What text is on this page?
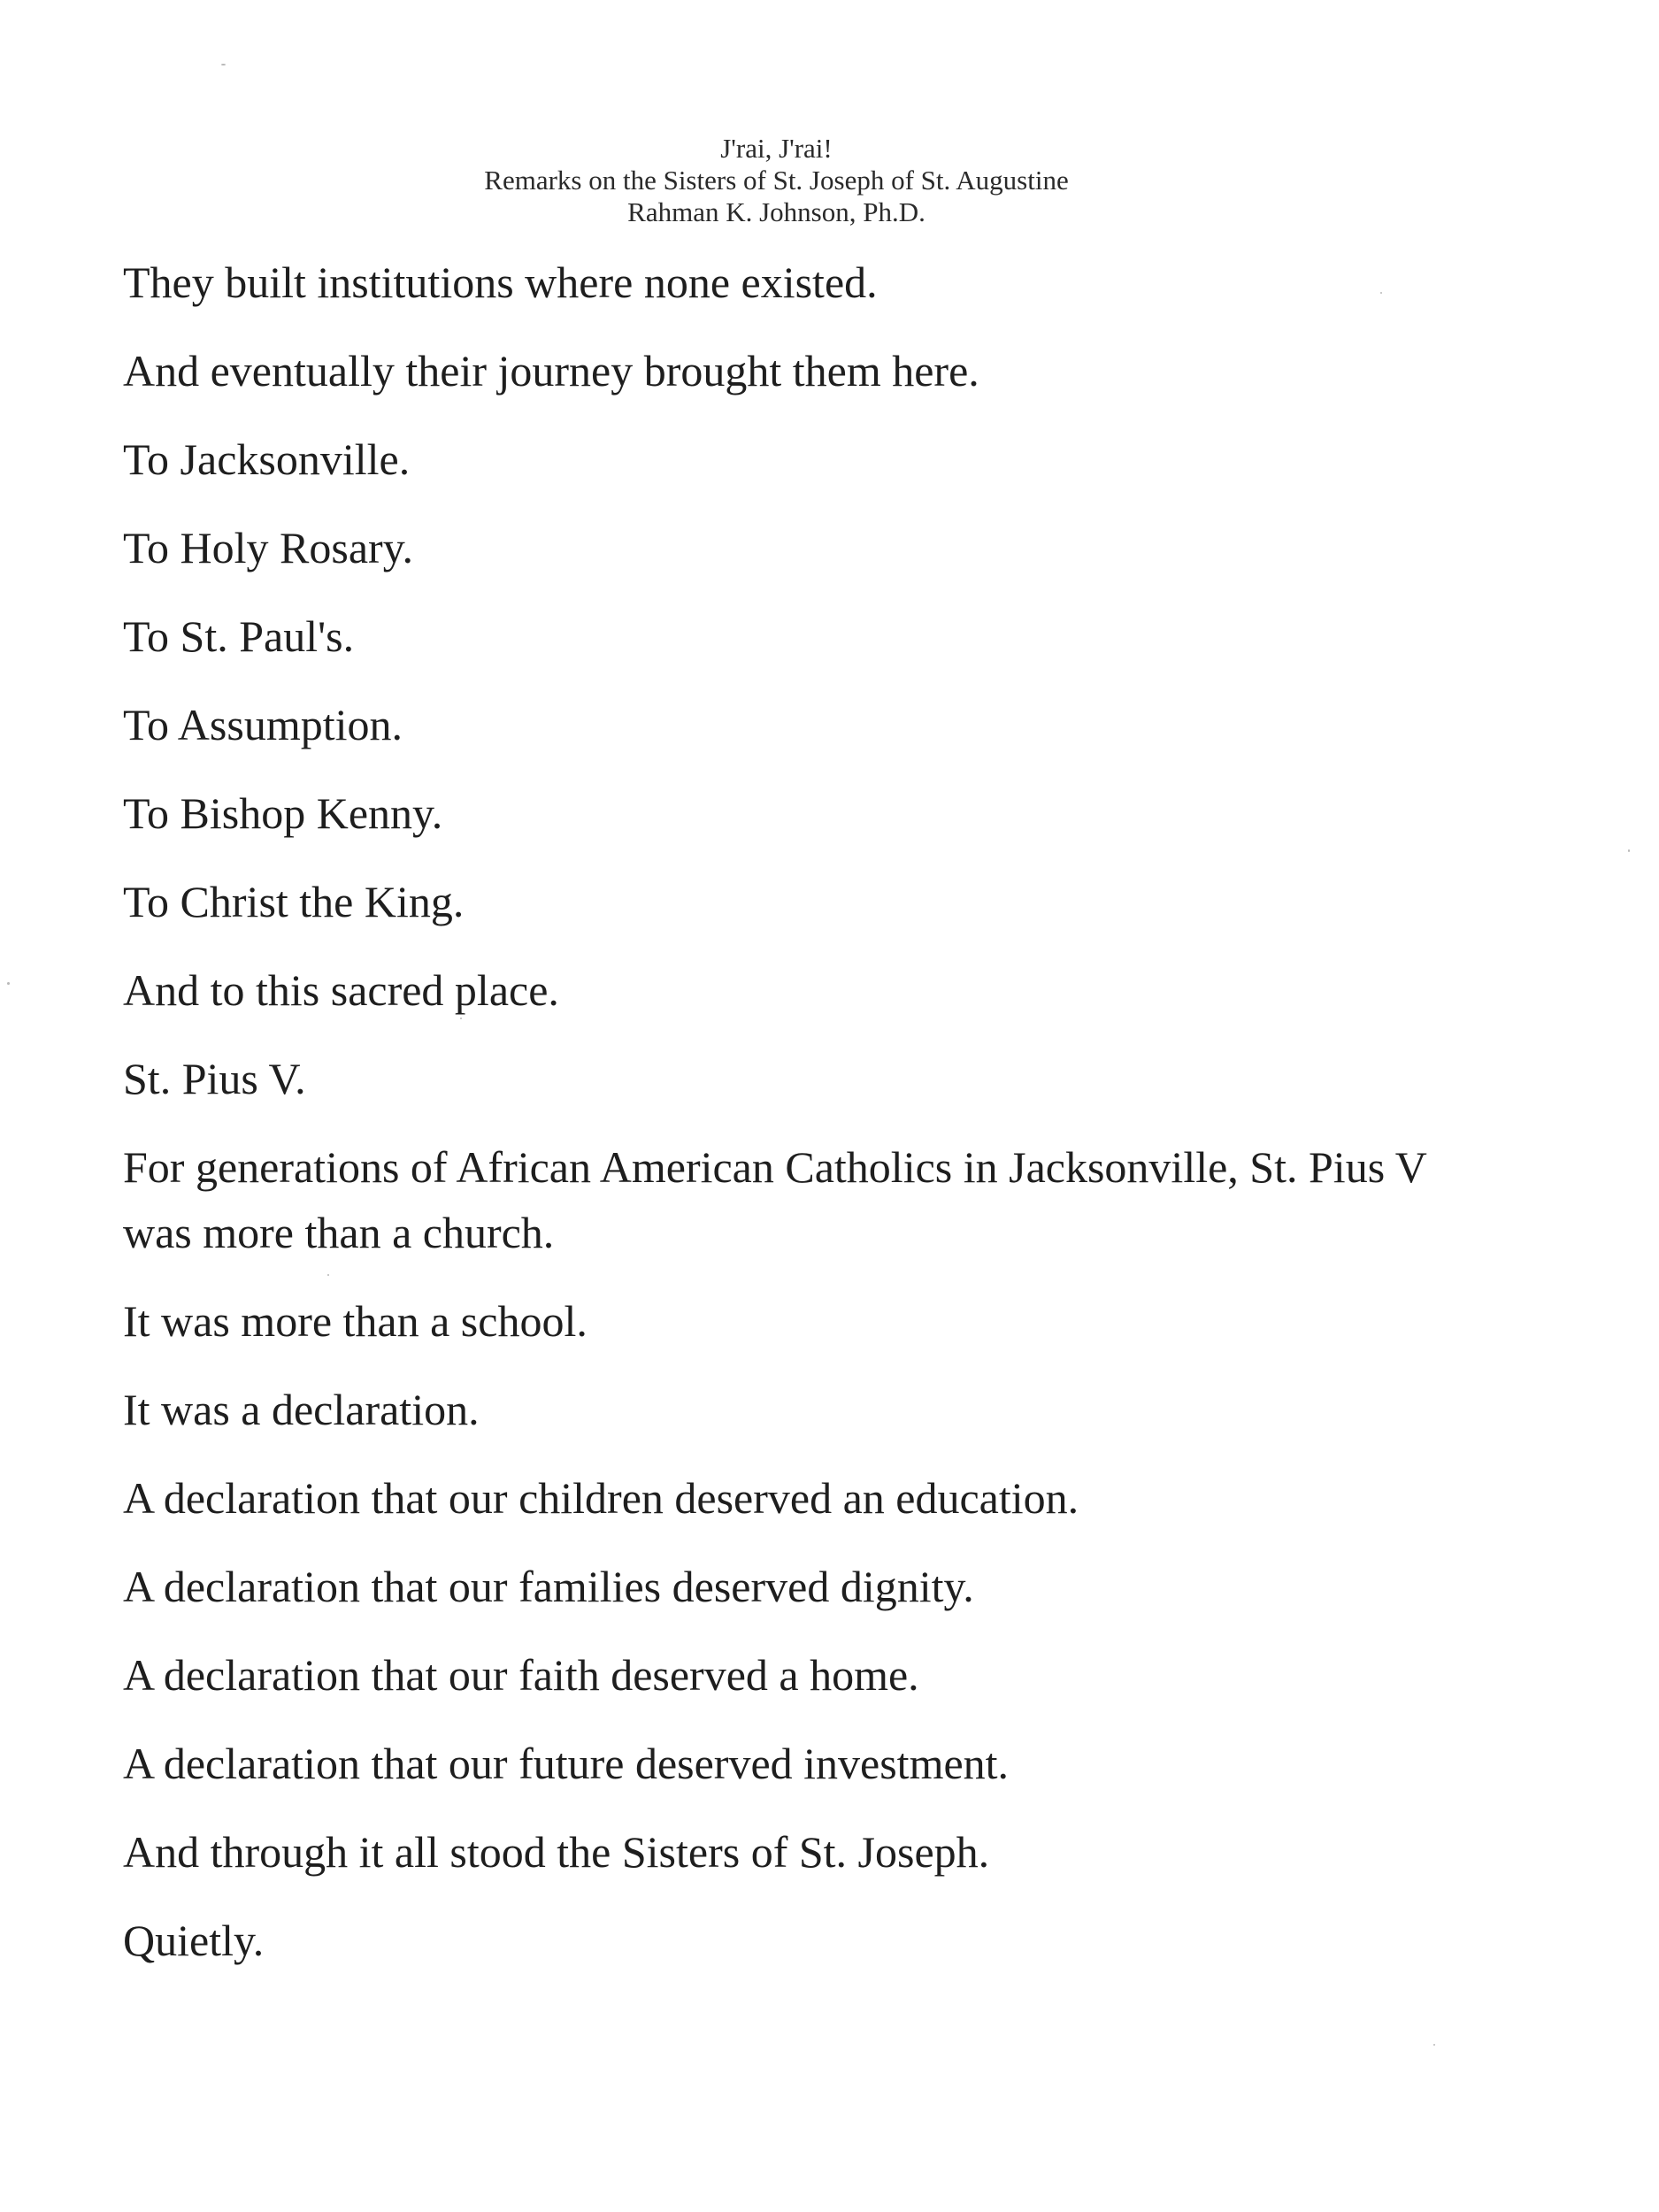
J'rai, J'rai!
Remarks on the Sisters of St. Joseph of St. Augustine
Rahman K. Johnson, Ph.D.

They built institutions where none existed.

And eventually their journey brought them here.

To Jacksonville.

To Holy Rosary.

To St. Paul's.

To Assumption.

To Bishop Kenny.

To Christ the King.

And to this sacred place.

St. Pius V.

For generations of African American Catholics in Jacksonville, St. Pius V was more than a church.

It was more than a school.

It was a declaration.

A declaration that our children deserved an education.

A declaration that our families deserved dignity.

A declaration that our faith deserved a home.

A declaration that our future deserved investment.

And through it all stood the Sisters of St. Joseph.

Quietly.
